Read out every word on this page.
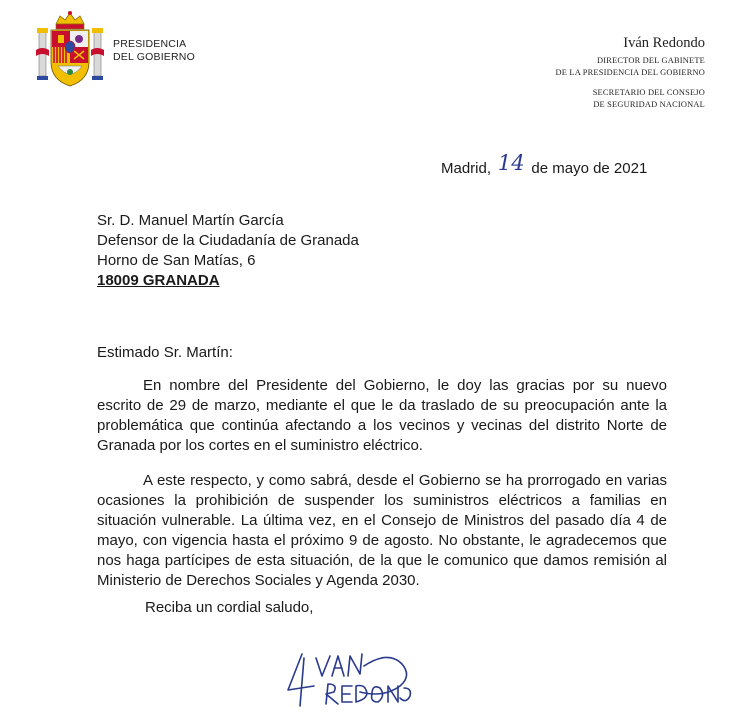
PRESIDENCIA
DEL GOBIERNO
Iván Redondo
DIRECTOR DEL GABINETE
DE LA PRESIDENCIA DEL GOBIERNO
SECRETARIO DEL CONSEJO
DE SEGURIDAD NACIONAL
Madrid, 14 de mayo de 2021
Sr. D. Manuel Martín García
Defensor de la Ciudadanía de Granada
Horno de San Matías, 6
18009 GRANADA
Estimado Sr. Martín:

En nombre del Presidente del Gobierno, le doy las gracias por su nuevo escrito de 29 de marzo, mediante el que le da traslado de su preocupación ante la problemática que continúa afectando a los vecinos y vecinas del distrito Norte de Granada por los cortes en el suministro eléctrico.

A este respecto, y como sabrá, desde el Gobierno se ha prorrogado en varias ocasiones la prohibición de suspender los suministros eléctricos a familias en situación vulnerable. La última vez, en el Consejo de Ministros del pasado día 4 de mayo, con vigencia hasta el próximo 9 de agosto. No obstante, le agradecemos que nos haga partícipes de esta situación, de la que le comunico que damos remisión al Ministerio de Derechos Sociales y Agenda 2030.

Reciba un cordial saludo,
